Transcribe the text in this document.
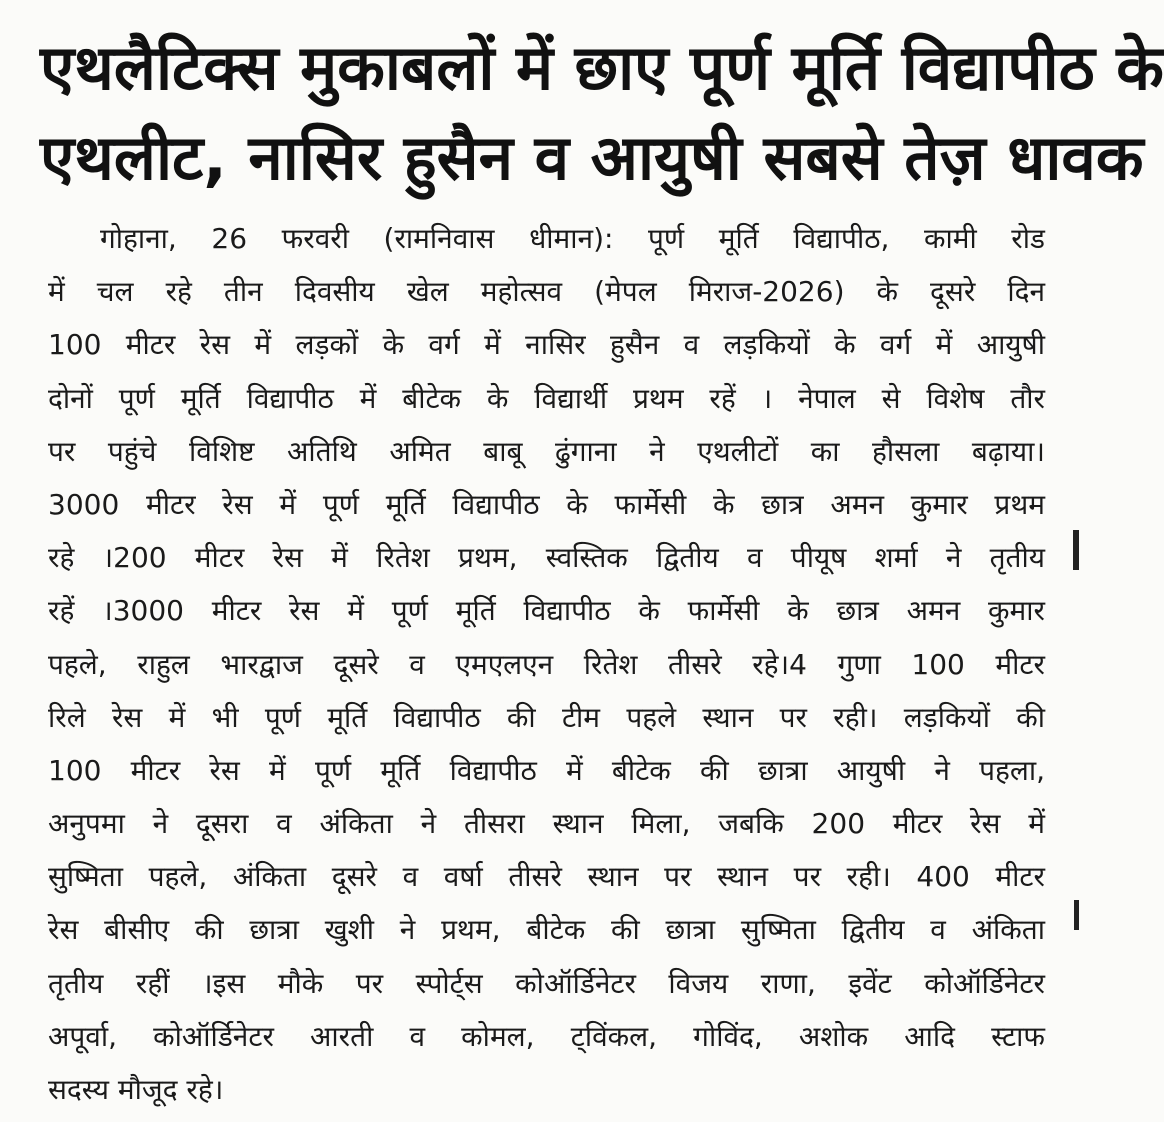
एथलैटिक्स मुकाबलों में छाए पूर्ण मूर्ति विद्यापीठ के
एथलीट, नासिर हुसैन व आयुषी सबसे तेज़ धावक
गोहाना, 26 फरवरी (रामनिवास धीमान): पूर्ण मूर्ति विद्यापीठ, कामी रोड
में चल रहे तीन दिवसीय खेल महोत्सव (मेपल मिराज-2026) के दूसरे दिन
100 मीटर रेस में लड़कों के वर्ग में नासिर हुसैन व लड़कियों के वर्ग में आयुषी
दोनों पूर्ण मूर्ति विद्यापीठ में बीटेक के विद्यार्थी प्रथम रहें । नेपाल से विशेष तौर
पर पहुंचे विशिष्ट अतिथि अमित बाबू ढुंगाना ने एथलीटों का हौसला बढ़ाया।
3000 मीटर रेस में पूर्ण मूर्ति विद्यापीठ के फार्मेसी के छात्र अमन कुमार प्रथम
रहे ।200 मीटर रेस में रितेश प्रथम, स्वस्तिक द्वितीय व पीयूष शर्मा ने तृतीय
रहें ।3000 मीटर रेस में पूर्ण मूर्ति विद्यापीठ के फार्मेसी के छात्र अमन कुमार
पहले, राहुल भारद्वाज दूसरे व एमएलएन रितेश तीसरे रहे।4 गुणा 100 मीटर
रिले रेस में भी पूर्ण मूर्ति विद्यापीठ की टीम पहले स्थान पर रही। लड़कियों की
100 मीटर रेस में पूर्ण मूर्ति विद्यापीठ में बीटेक की छात्रा आयुषी ने पहला,
अनुपमा ने दूसरा व अंकिता ने तीसरा स्थान मिला, जबकि 200 मीटर रेस में
सुष्मिता पहले, अंकिता दूसरे व वर्षा तीसरे स्थान पर स्थान पर रही। 400 मीटर
रेस बीसीए की छात्रा खुशी ने प्रथम, बीटेक की छात्रा सुष्मिता द्वितीय व अंकिता
तृतीय रहीं ।इस मौके पर स्पोर्ट्स कोऑर्डिनेटर विजय राणा, इवेंट कोऑर्डिनेटर
अपूर्वा, कोऑर्डिनेटर आरती व कोमल, ट्विंकल, गोविंद, अशोक आदि स्टाफ
सदस्य मौजूद रहे।
